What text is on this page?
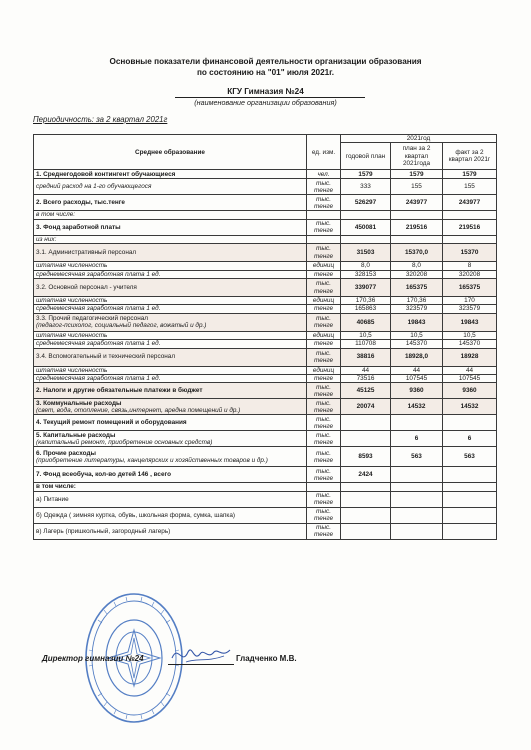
Основные показатели финансовой деятельности организации образования
по состоянию на "01" июля 2021г.
КГУ Гимназия №24
(наименование организации образования)
Периодичность: за 2 квартал 2021г
Среднее образование	ед. изм.	2021год		
		годовой план	план за 2 квартал 2021года	факт за 2 квартал 2021г
1. Среднегодовой контингент обучающиеся	чел.	1579	1579	1579
средний расход на 1-го обучающегося	тыс. тенге	333	155	155
2. Всего расходы, тыс.тенге	тыс. тенге	526297	243977	243977
в том числе:				
3. Фонд заработной платы	тыс. тенге	450081	219516	219516
из них:				
3.1. Административный персонал	тыс. тенге	31503	15370,0	15370
штатная численность	единиц	8,0	8,0	8
среднемесячная заработная плата 1 ед.	тенге	328153	320208	320208
3.2. Основной персонал - учителя	тыс. тенге	339077	165375	165375
штатная численность	единиц	170,36	170,36	170
среднемесячная заработная плата 1 ед.	тенге	165863	323579	323579
3.3. Прочий педагогический персонал
(педагог-психолог, социальный педагог, вожатый и др.)	тыс. тенге	40685	19843	19843
штатная численность	единиц	10,5	10,5	10,5
среднемесячная заработная плата 1 ед.	тенге	110708	145370	145370
3.4. Вспомогательный и технический персонал	тыс. тенге	38816	18928,0	18928
штатная численность	единиц	44	44	44
среднемесячная заработная плата 1 ед.	тенге	73516	107545	107545
2. Налоги и другие обязательные платежи в бюджет	тыс. тенге	45125	9360	9360
3. Коммунальные расходы
(свет, вода, отопление, связь,интернет, аредна помещений и др.)	тыс. тенге	20074	14532	14532
4. Текущий ремонт помещений и оборудования	тыс. тенге			
5. Капитальные расходы
(капитальный ремонт, приобретение основных средств)	тыс. тенге		6	6
6. Прочие расходы
(приобретение литературы, канцелярских и хозяйственных товаров и др.)	тыс. тенге	8593	563	563
7. Фонд всеобуча, кол-во детей 146 , всего	тыс. тенге	2424		
в том числе:				
а) Питание	тыс. тенге			
б) Одежда ( зимняя куртка, обувь, школьная форма, сумка, шапка)	тыс. тенге			
в) Лагерь (пришкольный, загородный лагерь)	тыс. тенге			
Директор гимназии №24	Гладченко М.В.
